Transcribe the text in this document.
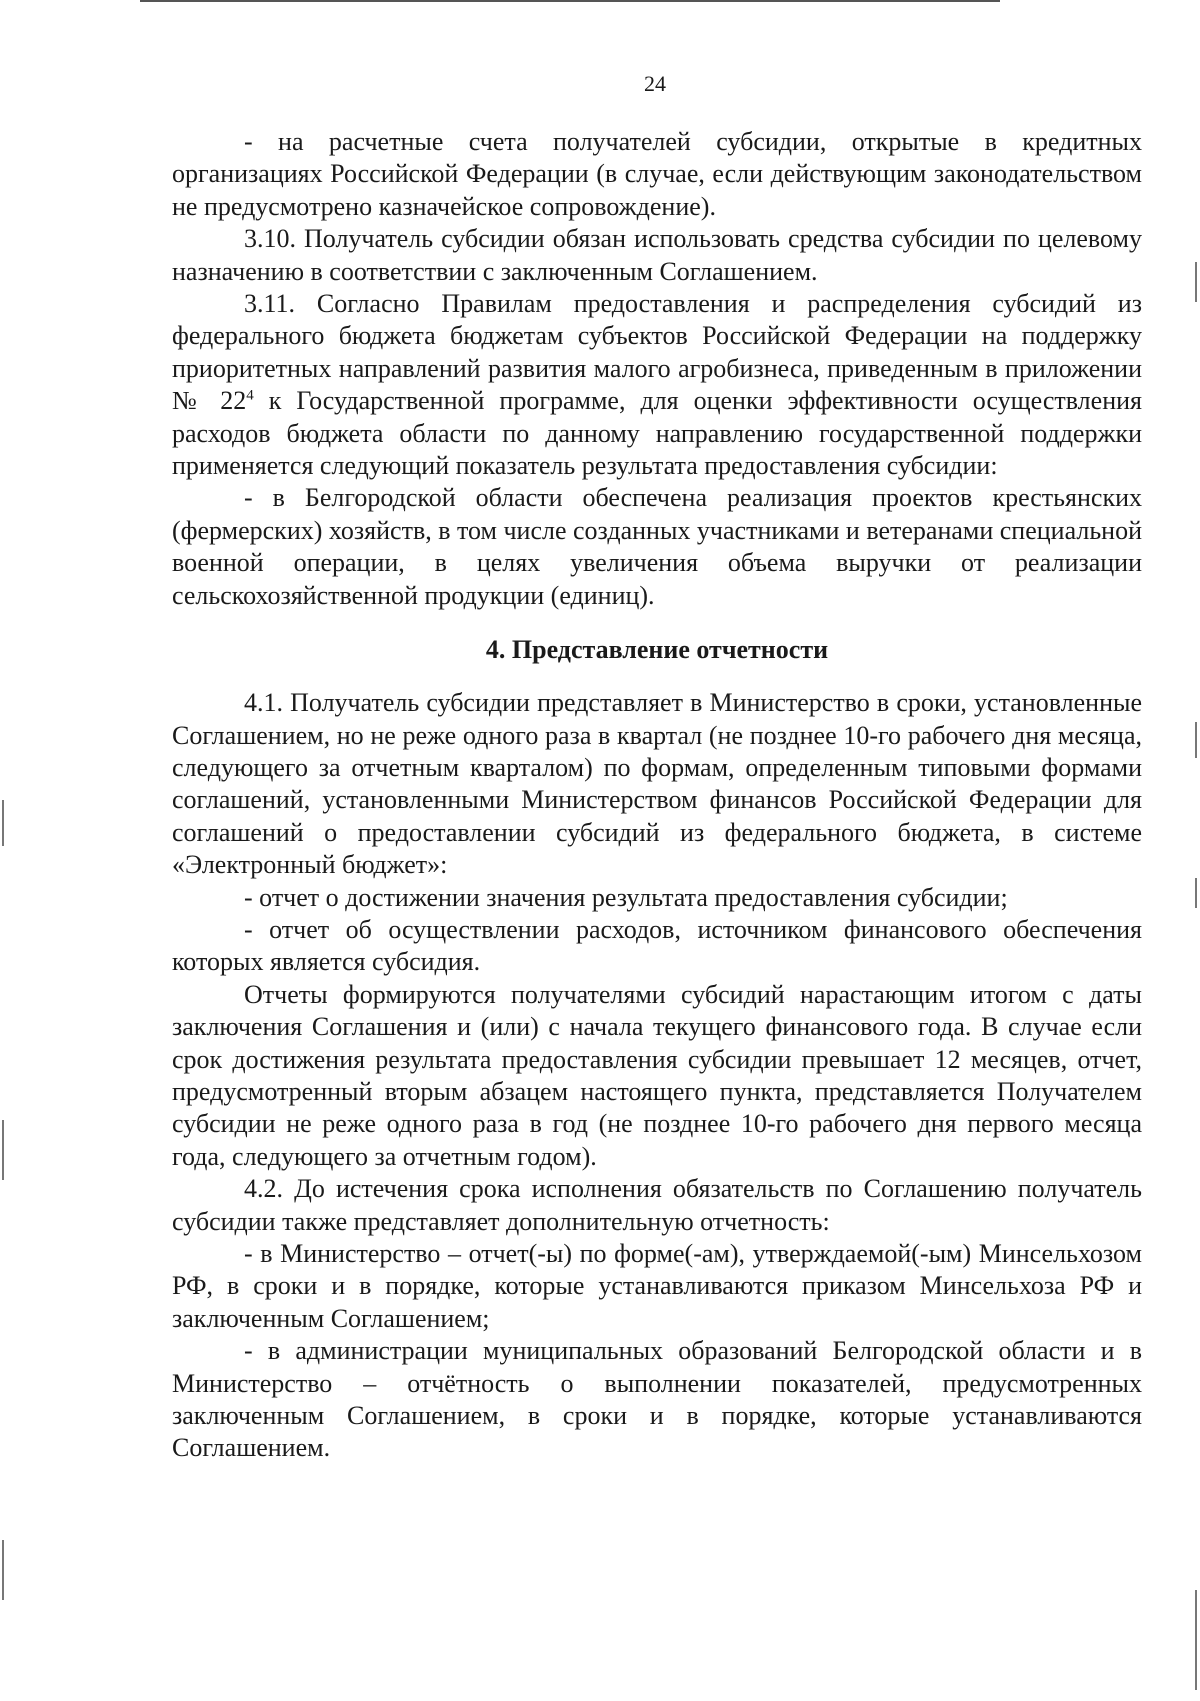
24

- на расчетные счета получателей субсидии, открытые в кредитных организациях Российской Федерации (в случае, если действующим законодательством не предусмотрено казначейское сопровождение).

3.10. Получатель субсидии обязан использовать средства субсидии по целевому назначению в соответствии с заключенным Соглашением.

3.11. Согласно Правилам предоставления и распределения субсидий из федерального бюджета бюджетам субъектов Российской Федерации на поддержку приоритетных направлений развития малого агробизнеса, приведенным в приложении № $22^4$ к Государственной программе, для оценки эффективности осуществления расходов бюджета области по данному направлению государственной поддержки применяется следующий показатель результата предоставления субсидии:

- в Белгородской области обеспечена реализация проектов крестьянских (фермерских) хозяйств, в том числе созданных участниками и ветеранами специальной военной операции, в целях увеличения объема выручки от реализации сельскохозяйственной продукции (единиц).

4. Представление отчетности

4.1. Получатель субсидии представляет в Министерство в сроки, установленные Соглашением, но не реже одного раза в квартал (не позднее 10-го рабочего дня месяца, следующего за отчетным кварталом) по формам, определенным типовыми формами соглашений, установленными Министерством финансов Российской Федерации для соглашений о предоставлении субсидий из федерального бюджета, в системе «Электронный бюджет»:

- отчет о достижении значения результата предоставления субсидии;

- отчет об осуществлении расходов, источником финансового обеспечения которых является субсидия.

Отчеты формируются получателями субсидий нарастающим итогом с даты заключения Соглашения и (или) с начала текущего финансового года. В случае если срок достижения результата предоставления субсидии превышает 12 месяцев, отчет, предусмотренный вторым абзацем настоящего пункта, представляется Получателем субсидии не реже одного раза в год (не позднее 10-го рабочего дня первого месяца года, следующего за отчетным годом).

4.2. До истечения срока исполнения обязательств по Соглашению получатель субсидии также представляет дополнительную отчетность:

- в Министерство – отчет(-ы) по форме(-ам), утверждаемой(-ым) Минсельхозом РФ, в сроки и в порядке, которые устанавливаются приказом Минсельхоза РФ и заключенным Соглашением;

- в администрации муниципальных образований Белгородской области и в Министерство – отчётность о выполнении показателей, предусмотренных заключенным Соглашением, в сроки и в порядке, которые устанавливаются Соглашением.
